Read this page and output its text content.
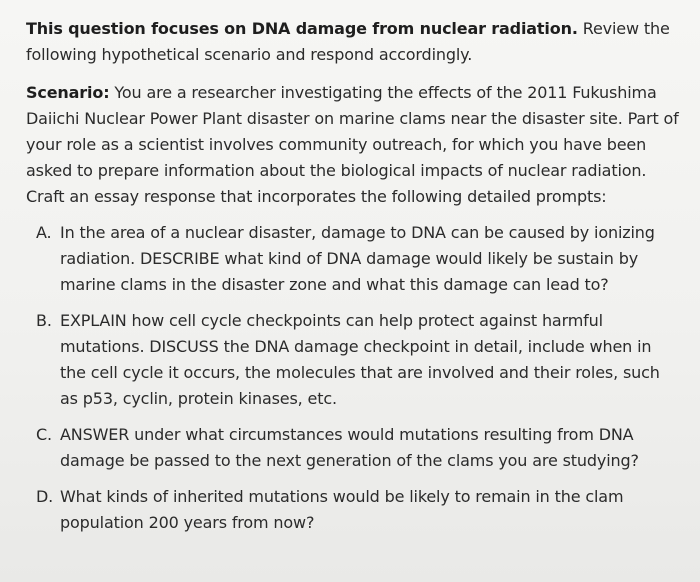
This question focuses on DNA damage from nuclear radiation. Review the following hypothetical scenario and respond accordingly.

Scenario: You are a researcher investigating the effects of the 2011 Fukushima Daiichi Nuclear Power Plant disaster on marine clams near the disaster site. Part of your role as a scientist involves community outreach, for which you have been asked to prepare information about the biological impacts of nuclear radiation. Craft an essay response that incorporates the following detailed prompts:

A. In the area of a nuclear disaster, damage to DNA can be caused by ionizing radiation. DESCRIBE what kind of DNA damage would likely be sustain by marine clams in the disaster zone and what this damage can lead to?
B. EXPLAIN how cell cycle checkpoints can help protect against harmful mutations. DISCUSS the DNA damage checkpoint in detail, include when in the cell cycle it occurs, the molecules that are involved and their roles, such as p53, cyclin, protein kinases, etc.
C. ANSWER under what circumstances would mutations resulting from DNA damage be passed to the next generation of the clams you are studying?
D. What kinds of inherited mutations would be likely to remain in the clam population 200 years from now?
